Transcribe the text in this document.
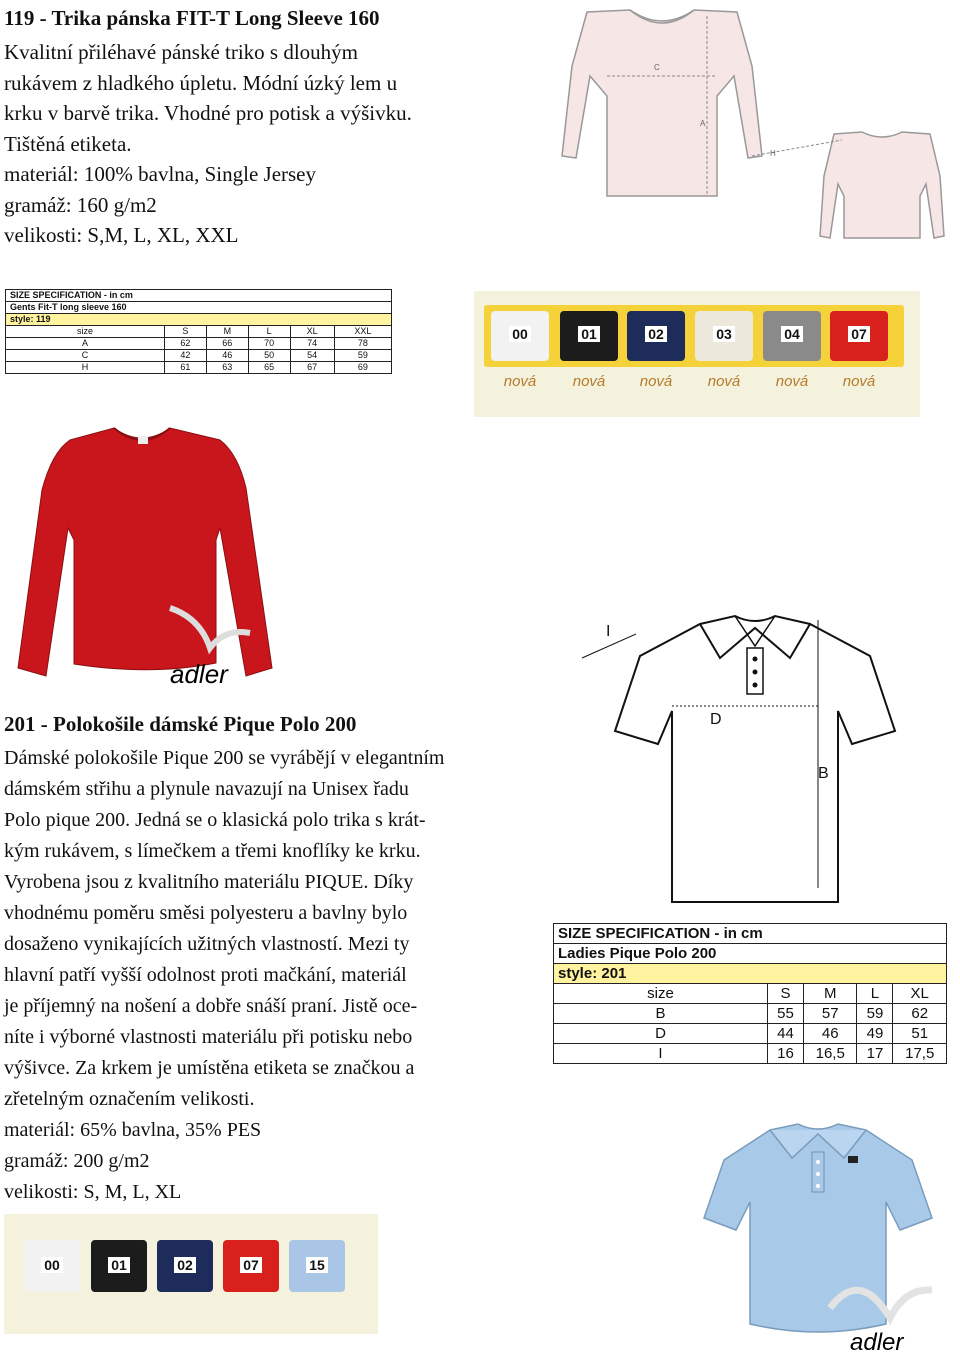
119 - Trika pánska FIT-T Long Sleeve 160
Kvalitní přiléhavé pánské triko s dlouhým
rukávem z hladkého úpletu. Módní úzký lem u
krku v barvě trika. Vhodné pro potisk a výšivku.
Tištěná etiketa.
materiál: 100% bavlna, Single Jersey
gramáž: 160 g/m2
velikosti: S,M, L, XL, XXL
C
A
H
SIZE SPECIFICATION - in cm					
Gents Fit-T long sleeve 160					
style: 119					
size	S	M	L	XL	XXL
A	62	66	70	74	78
C	42	46	50	54	59
H	61	63	65	67	69
00	01	02	03	04	07
nová	nová	nová	nová	nová	nová
adler
201 - Polokošile dámské Pique Polo 200
Dámské polokošile Pique 200 se vyrábějí v elegantním
dámském střihu a plynule navazují na Unisex řadu
Polo pique 200. Jedná se o klasická polo trika s krát-
kým rukávem, s límečkem a třemi knoflíky ke krku.
Vyrobena jsou z kvalitního materiálu PIQUE. Díky
vhodnému poměru směsi polyesteru a bavlny bylo
dosaženo vynikajících užitných vlastností. Mezi ty
hlavní patří vyšší odolnost proti mačkání, materiál
je příjemný na nošení a dobře snáší praní. Jistě oce-
níte i výborné vlastnosti materiálu při potisku nebo
výšivce. Za krkem je umístěna etiketa se značkou a
zřetelným označením velikosti.
materiál: 65% bavlna, 35% PES
gramáž: 200 g/m2
velikosti: S, M, L, XL
I
D
B
SIZE SPECIFICATION - in cm				
Ladies Pique Polo 200				
style: 201				
size	S	M	L	XL
B	55	57	59	62
D	44	46	49	51
I	16	16,5	17	17,5
00	01	02	07	15
adler
